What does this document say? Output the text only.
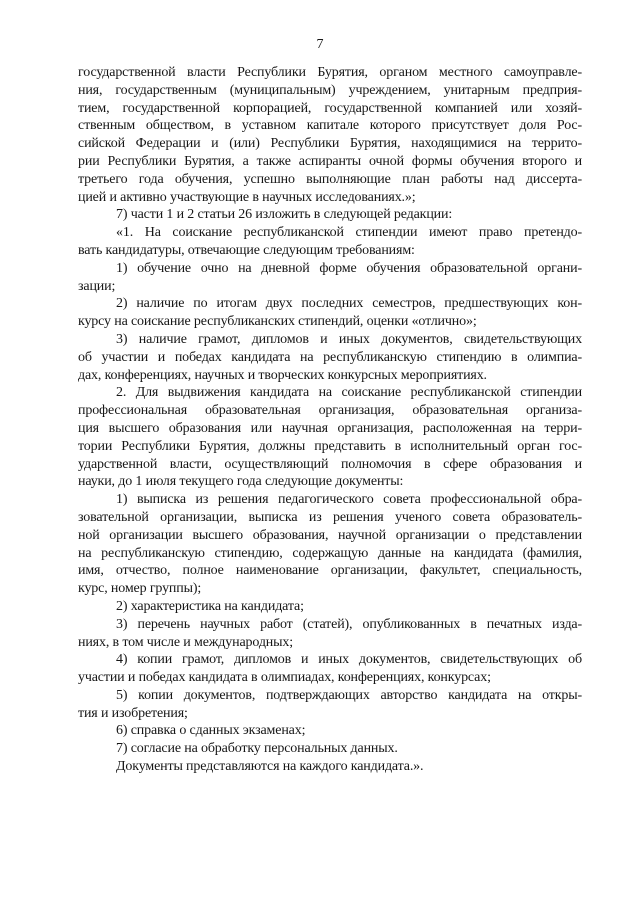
7
государственной власти Республики Бурятия, органом местного самоуправле-
ния, государственным (муниципальным) учреждением, унитарным предприя-
тием, государственной корпорацией, государственной компанией или хозяй-
ственным обществом, в уставном капитале которого присутствует доля Рос-
сийской Федерации и (или) Республики Бурятия, находящимися на террито-
рии Республики Бурятия, а также аспиранты очной формы обучения второго и
третьего года обучения, успешно выполняющие план работы над диссерта-
цией и активно участвующие в научных исследованиях.»;
7) части 1 и 2 статьи 26 изложить в следующей редакции:
«1. На соискание республиканской стипендии имеют право претендо-
вать кандидатуры, отвечающие следующим требованиям:
1) обучение очно на дневной форме обучения образовательной органи-
зации;
2) наличие по итогам двух последних семестров, предшествующих кон-
курсу на соискание республиканских стипендий, оценки «отлично»;
3) наличие грамот, дипломов и иных документов, свидетельствующих
об участии и победах кандидата на республиканскую стипендию в олимпиа-
дах, конференциях, научных и творческих конкурсных мероприятиях.
2. Для выдвижения кандидата на соискание республиканской стипендии
профессиональная образовательная организация, образовательная организа-
ция высшего образования или научная организация, расположенная на терри-
тории Республики Бурятия, должны представить в исполнительный орган гос-
ударственной власти, осуществляющий полномочия в сфере образования и
науки, до 1 июля текущего года следующие документы:
1) выписка из решения педагогического совета профессиональной обра-
зовательной организации, выписка из решения ученого совета образователь-
ной организации высшего образования, научной организации о представлении
на республиканскую стипендию, содержащую данные на кандидата (фамилия,
имя, отчество, полное наименование организации, факультет, специальность,
курс, номер группы);
2) характеристика на кандидата;
3) перечень научных работ (статей), опубликованных в печатных изда-
ниях, в том числе и международных;
4) копии грамот, дипломов и иных документов, свидетельствующих об
участии и победах кандидата в олимпиадах, конференциях, конкурсах;
5) копии документов, подтверждающих авторство кандидата на откры-
тия и изобретения;
6) справка о сданных экзаменах;
7) согласие на обработку персональных данных.
Документы представляются на каждого кандидата.».
